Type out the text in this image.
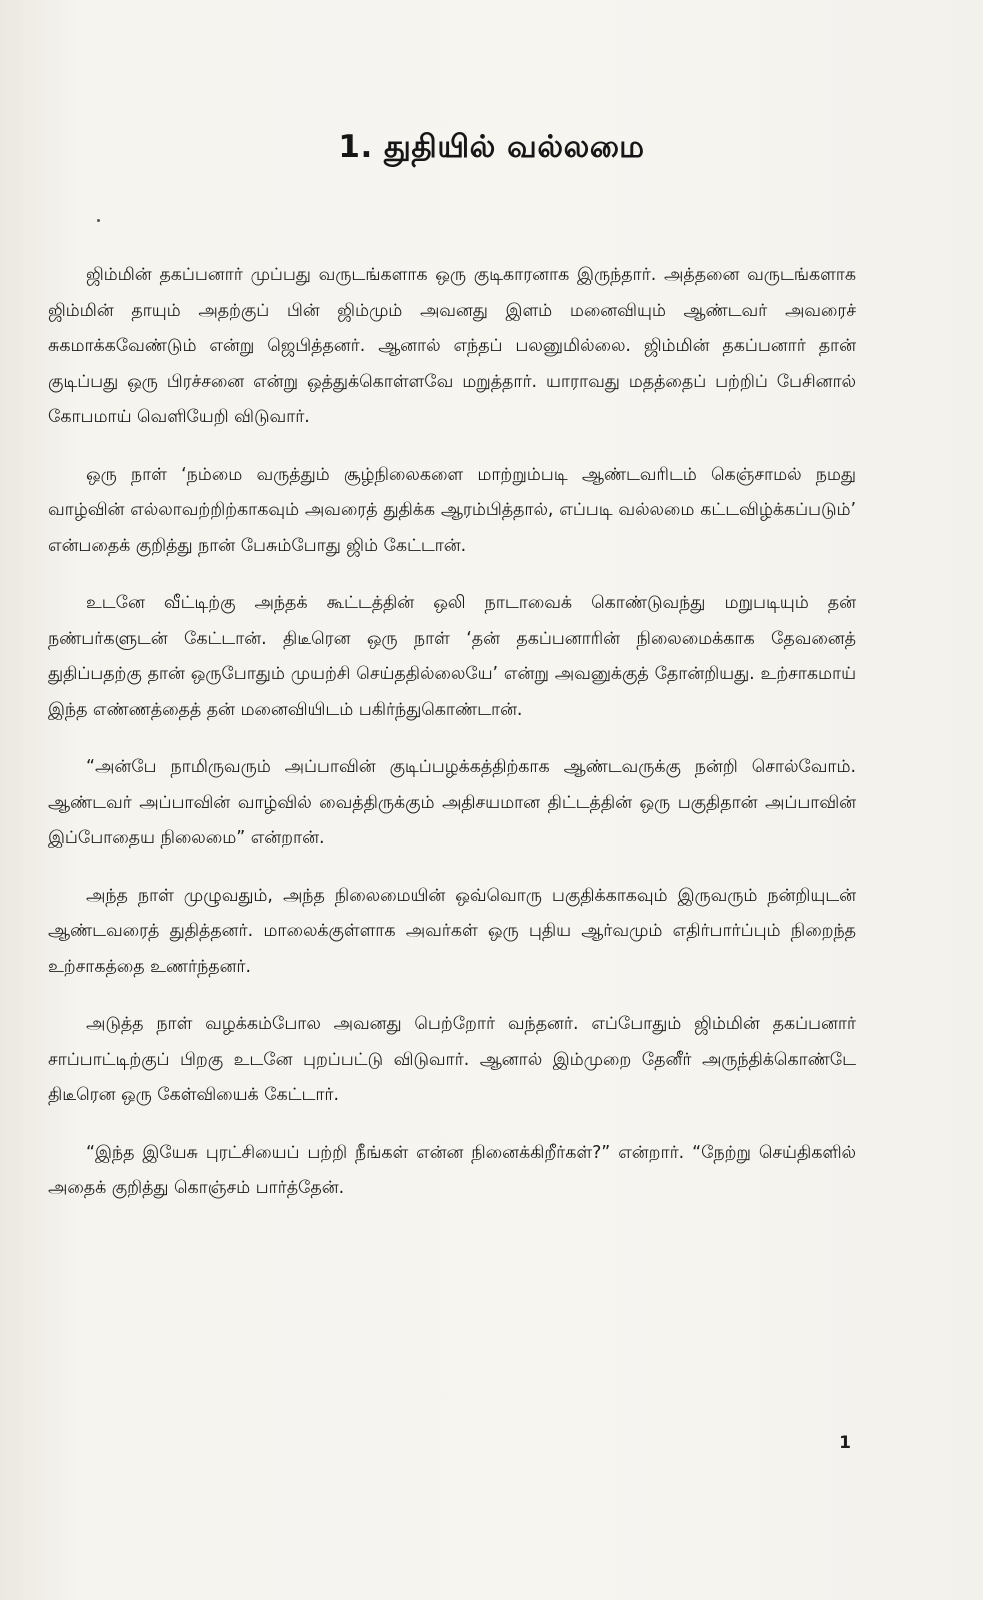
1. துதியில் வல்லமை

ஜிம்மின் தகப்பனார் முப்பது வருடங்களாக ஒரு குடிகாரனாக இருந்தார். அத்தனை வருடங்களாக ஜிம்மின் தாயும் அதற்குப் பின் ஜிம்மும் அவனது இளம் மனைவியும் ஆண்டவர் அவரைச் சுகமாக்கவேண்டும் என்று ஜெபித்தனர். ஆனால் எந்தப் பலனுமில்லை. ஜிம்மின் தகப்பனார் தான் குடிப்பது ஒரு பிரச்சனை என்று ஒத்துக்கொள்ளவே மறுத்தார். யாராவது மதத்தைப் பற்றிப் பேசினால் கோபமாய் வெளியேறி விடுவார்.

ஒரு நாள் ‘நம்மை வருத்தும் சூழ்நிலைகளை மாற்றும்படி ஆண்டவரிடம் கெஞ்சாமல் நமது வாழ்வின் எல்லாவற்றிற்காகவும் அவரைத் துதிக்க ஆரம்பித்தால், எப்படி வல்லமை கட்டவிழ்க்கப்படும்’ என்பதைக் குறித்து நான் பேசும்போது ஜிம் கேட்டான்.

உடனே வீட்டிற்கு அந்தக் கூட்டத்தின் ஒலி நாடாவைக் கொண்டுவந்து மறுபடியும் தன் நண்பர்களுடன் கேட்டான். திடீரென ஒரு நாள் ‘தன் தகப்பனாரின் நிலைமைக்காக தேவனைத் துதிப்பதற்கு தான் ஒருபோதும் முயற்சி செய்ததில்லையே’ என்று அவனுக்குத் தோன்றியது. உற்சாகமாய் இந்த எண்ணத்தைத் தன் மனைவியிடம் பகிர்ந்துகொண்டான்.

“அன்பே நாமிருவரும் அப்பாவின் குடிப்பழக்கத்திற்காக ஆண்டவருக்கு நன்றி சொல்வோம். ஆண்டவர் அப்பாவின் வாழ்வில் வைத்திருக்கும் அதிசயமான திட்டத்தின் ஒரு பகுதிதான் அப்பாவின் இப்போதைய நிலைமை” என்றான்.

அந்த நாள் முழுவதும், அந்த நிலைமையின் ஒவ்வொரு பகுதிக்காகவும் இருவரும் நன்றியுடன் ஆண்டவரைத் துதித்தனர். மாலைக்குள்ளாக அவர்கள் ஒரு புதிய ஆர்வமும் எதிர்பார்ப்பும் நிறைந்த உற்சாகத்தை உணர்ந்தனர்.

அடுத்த நாள் வழக்கம்போல அவனது பெற்றோர் வந்தனர். எப்போதும் ஜிம்மின் தகப்பனார் சாப்பாட்டிற்குப் பிறகு உடனே புறப்பட்டு விடுவார். ஆனால் இம்முறை தேனீர் அருந்திக்கொண்டே திடீரென ஒரு கேள்வியைக் கேட்டார்.

“இந்த இயேசு புரட்சியைப் பற்றி நீங்கள் என்ன நினைக்கிறீர்கள்?” என்றார். “நேற்று செய்திகளில் அதைக் குறித்து கொஞ்சம் பார்த்தேன்.

1
